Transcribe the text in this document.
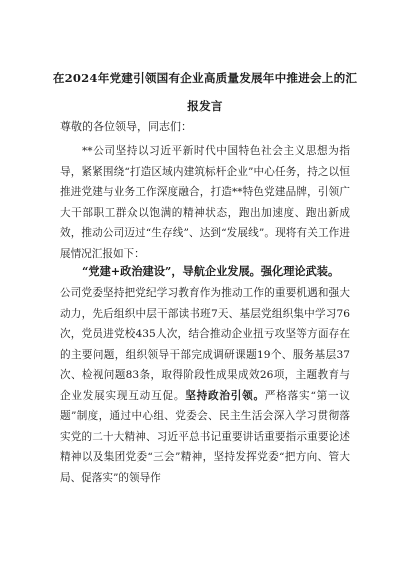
在2024年党建引领国有企业高质量发展年中推进会上的汇报发言
尊敬的各位领导，同志们：
**公司坚持以习近平新时代中国特色社会主义思想为指导，紧紧围绕“打造区域内建筑标杆企业”中心任务，持之以恒推进党建与业务工作深度融合，打造**特色党建品牌，引领广大干部职工群众以饱满的精神状态，跑出加速度、跑出新成效，推动公司迈过“生存线”、达到“发展线”。现将有关工作进展情况汇报如下：
“党建+政治建设”，导航企业发展。强化理论武装。
公司党委坚持把党纪学习教育作为推动工作的重要机遇和强大动力，先后组织中层干部读书班7天、基层党组织集中学习76次，党员进党校435人次，结合推动企业扭亏攻坚等方面存在的主要问题，组织领导干部完成调研课题19个、服务基层37次、检视问题83条，取得阶段性成果成效26项，主题教育与企业发展实现互动互促。坚持政治引领。严格落实“第一议题”制度，通过中心组、党委会、民主生活会深入学习贯彻落实党的二十大精神、习近平总书记重要讲话重要指示重要论述精神以及集团党委“三会”精神，坚持发挥党委“把方向、管大局、促落实”的领导作
